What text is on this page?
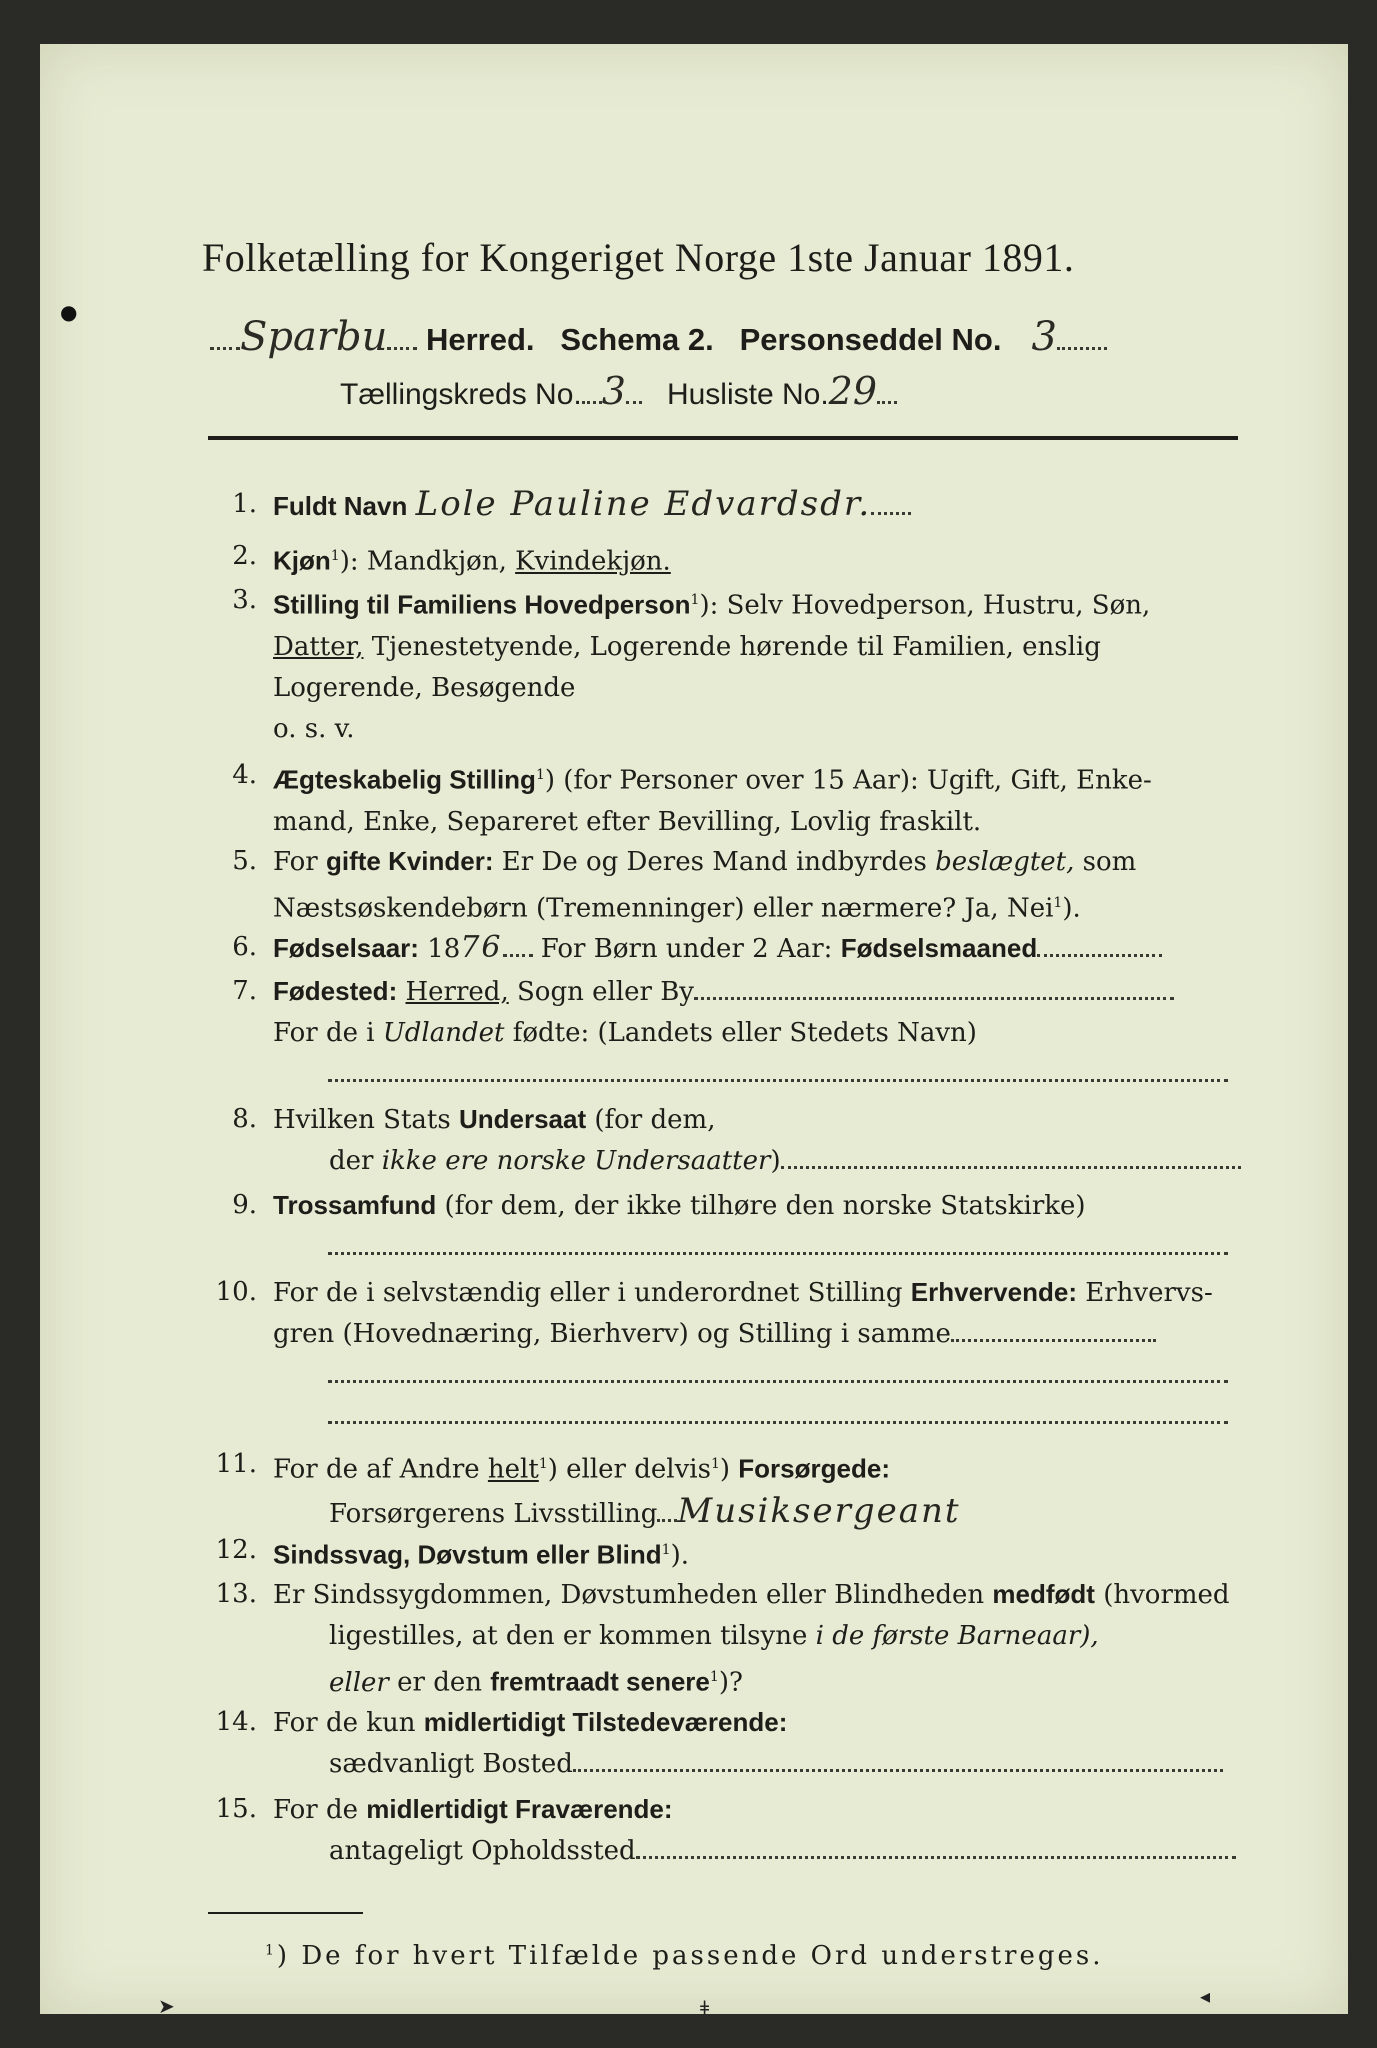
Folketælling for Kongeriget Norge 1ste Januar 1891.
Sparbu Herred. Schema 2. Personseddel No. 3
Tællingskreds No. 3 Husliste No.29
1. Fuldt Navn Lole Pauline Edvardsdr.
2. Kjøn$^1$): Mandkjøn, Kvindekjøn.
3. Stilling til Familiens Hovedperson$^1$): Selv Hovedperson, Hustru, Søn,
Datter, Tjenestetyende, Logerende hørende til Familien, enslig
Logerende, Besøgende
o. s. v.
4. Ægteskabelig Stilling$^1$) (for Personer over 15 Aar): Ugift, Gift, Enke-
mand, Enke, Separeret efter Bevilling, Lovlig fraskilt.
5. For gifte Kvinder: Er De og Deres Mand indbyrdes beslægtet, som
Næstsøskendebørn (Tremenninger) eller nærmere? Ja, Nei$^1$).
6. Fødselsaar: 1876 For Børn under 2 Aar: Fødselsmaaned
7. Fødested: Herred, Sogn eller By
For de i Udlandet fødte: (Landets eller Stedets Navn)

8. Hvilken Stats Undersaat (for dem,
der ikke ere norske Undersaatter)
9. Trossamfund (for dem, der ikke tilhøre den norske Statskirke)

10. For de i selvstændig eller i underordnet Stilling Erhvervende: Erhvervs-
gren (Hovednæring, Bierhverv) og Stilling i samme

11. For de af Andre helt$^1$) eller delvis$^1$) Forsørgede:
Forsørgerens Livsstilling Musiksergeant
12. Sindssvag, Døvstum eller Blind$^1$).
13. Er Sindssygdommen, Døvstumheden eller Blindheden medfødt (hvormed
ligestilles, at den er kommen tilsyne i de første Barneaar),
eller er den fremtraadt senere$^1$)?
14. For de kun midlertidigt Tilstedeværende:
sædvanligt Bosted
15. For de midlertidigt Fraværende:
antageligt Opholdssted
$^1$) De for hvert Tilfælde passende Ord understreges.
➤	ǂ	◂
●
